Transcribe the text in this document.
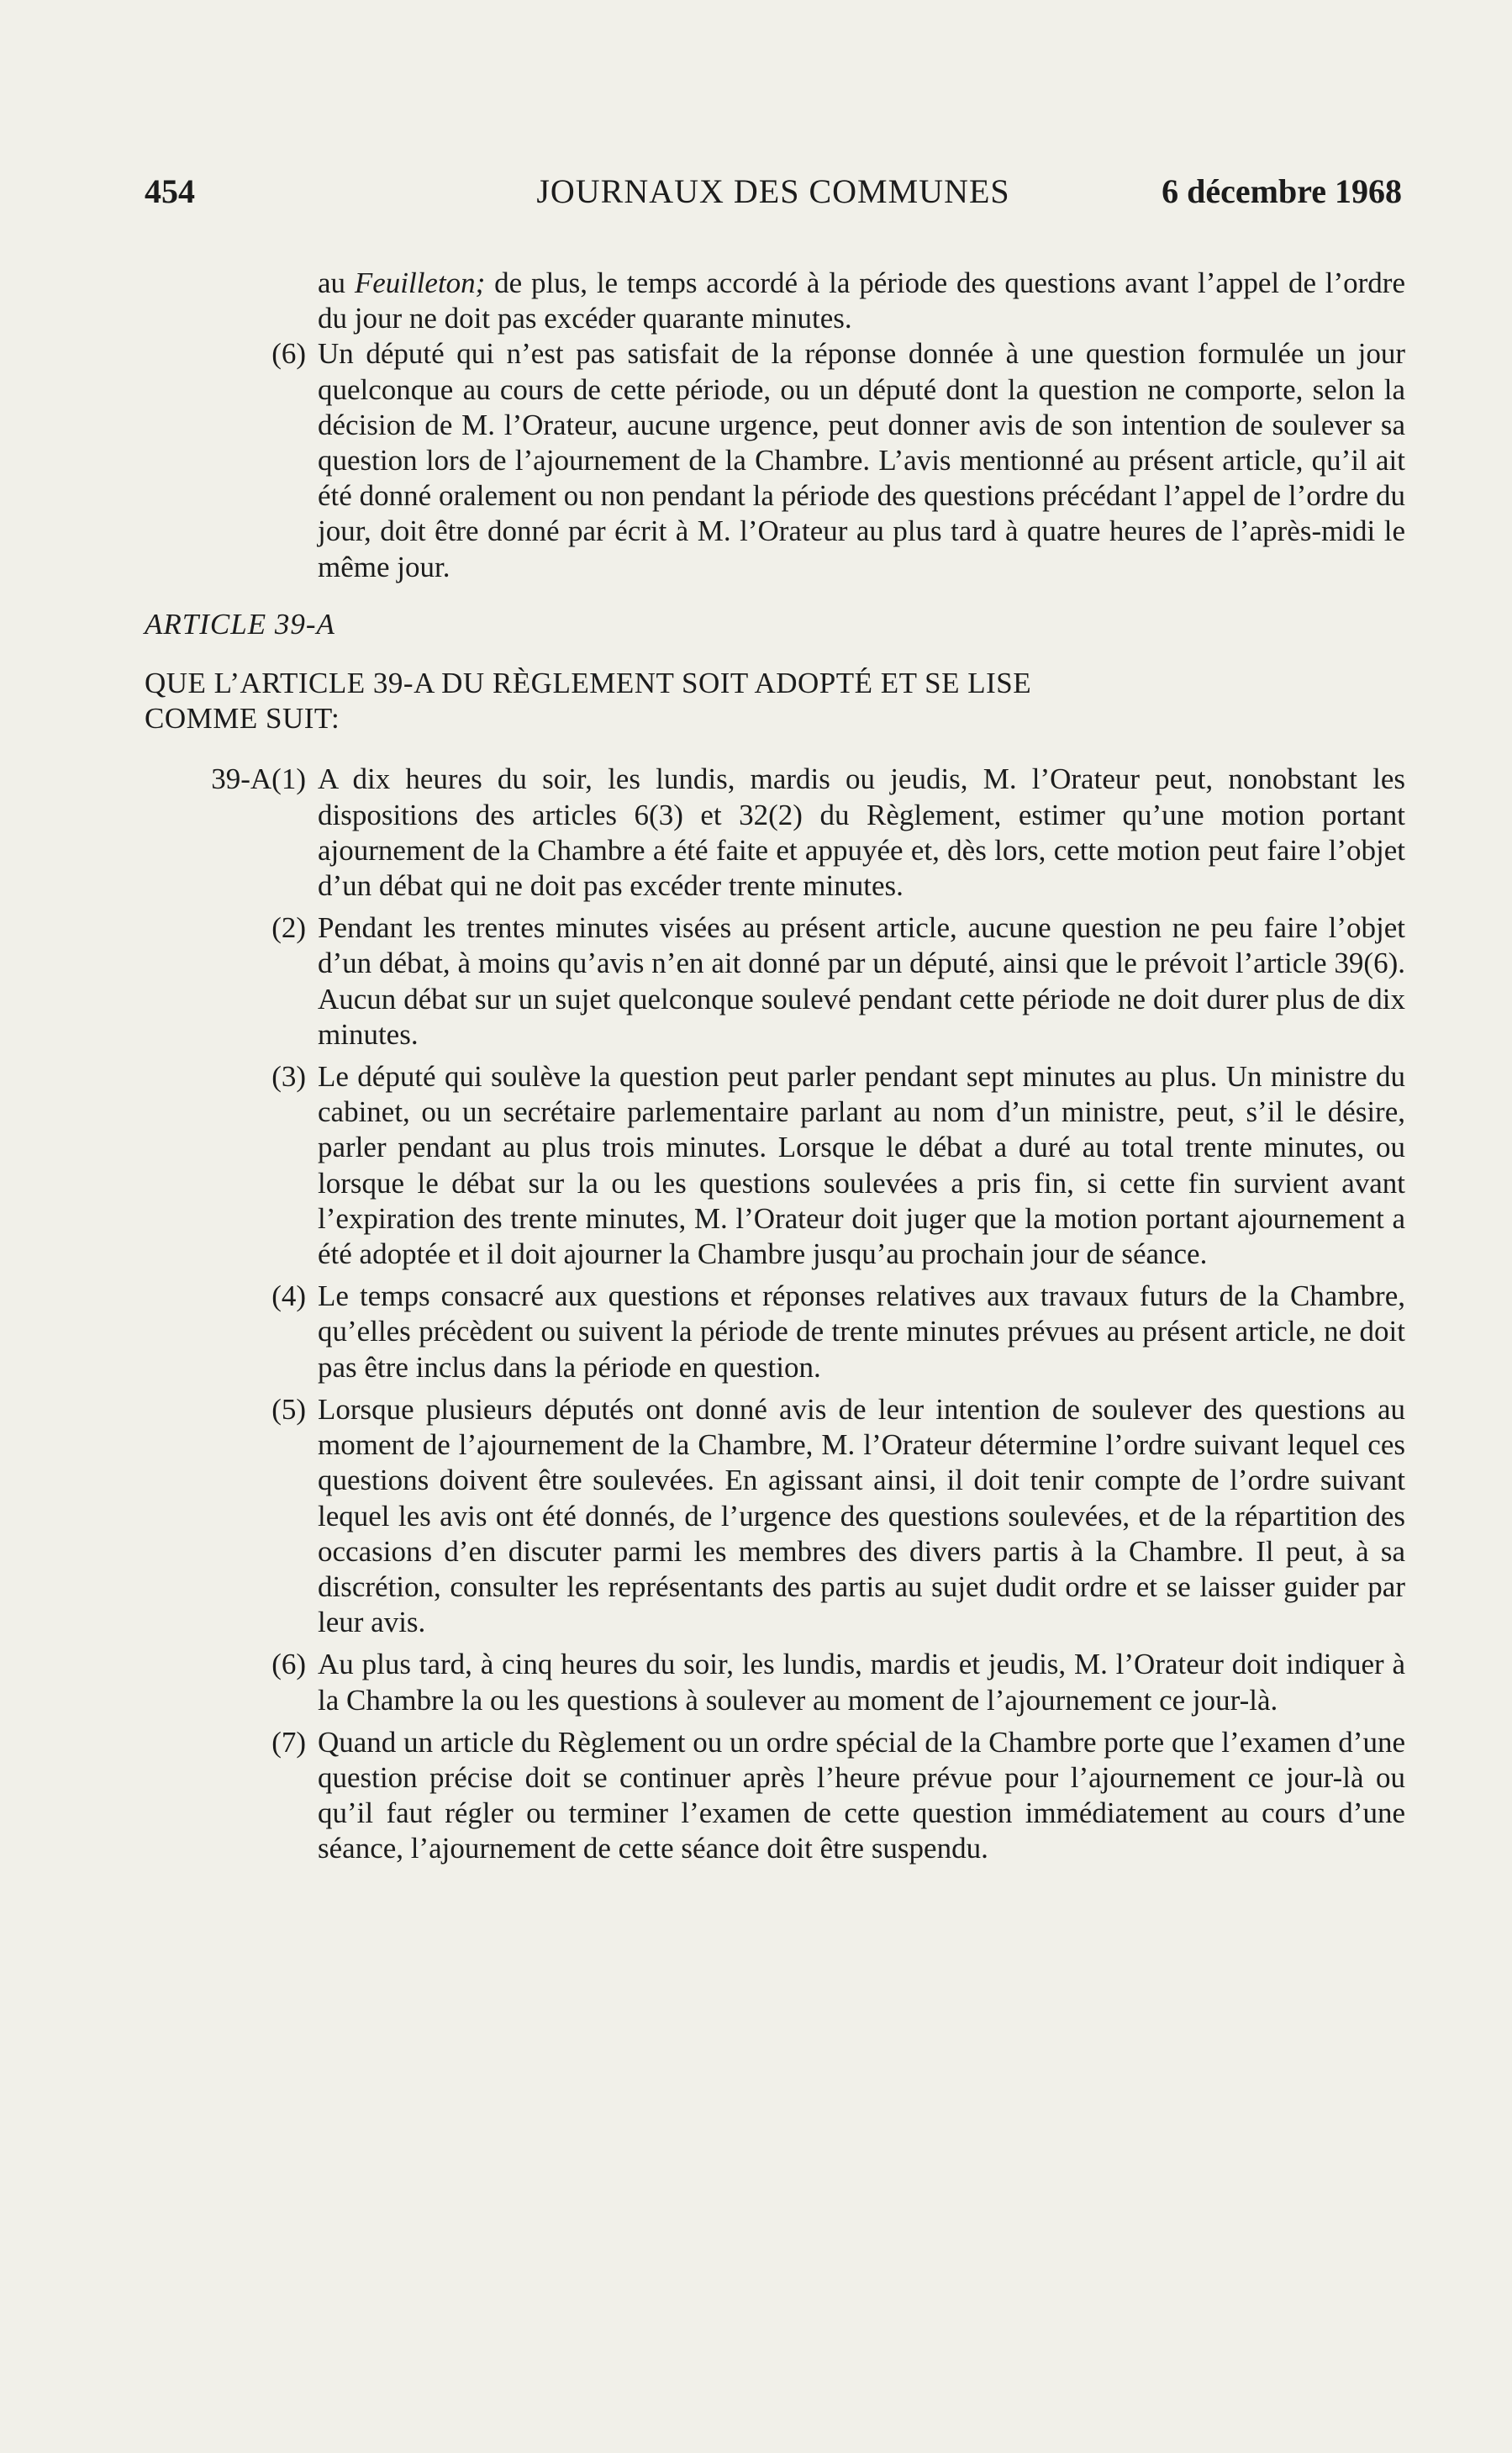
454	JOURNAUX DES COMMUNES	6 décembre 1968

au Feuilleton; de plus, le temps accordé à la période des questions avant l’appel de l’ordre du jour ne doit pas excéder quarante minutes.

(6) Un député qui n’est pas satisfait de la réponse donnée à une question formulée un jour quelconque au cours de cette période, ou un député dont la question ne comporte, selon la décision de M. l’Orateur, aucune urgence, peut donner avis de son intention de soulever sa question lors de l’ajournement de la Chambre. L’avis mentionné au présent article, qu’il ait été donné oralement ou non pendant la période des questions précédant l’appel de l’ordre du jour, doit être donné par écrit à M. l’Orateur au plus tard à quatre heures de l’après-midi le même jour.
ARTICLE 39-A
QUE L’ARTICLE 39-A DU RÈGLEMENT SOIT ADOPTÉ ET SE LISE COMME SUIT:
39-A(1) A dix heures du soir, les lundis, mardis ou jeudis, M. l’Orateur peut, nonobstant les dispositions des articles 6(3) et 32(2) du Règlement, estimer qu’une motion portant ajournement de la Chambre a été faite et appuyée et, dès lors, cette motion peut faire l’objet d’un débat qui ne doit pas excéder trente minutes.
(2) Pendant les trentes minutes visées au présent article, aucune question ne peu faire l’objet d’un débat, à moins qu’avis n’en ait donné par un député, ainsi que le prévoit l’article 39(6). Aucun débat sur un sujet quelconque soulevé pendant cette période ne doit durer plus de dix minutes.
(3) Le député qui soulève la question peut parler pendant sept minutes au plus. Un ministre du cabinet, ou un secrétaire parlementaire parlant au nom d’un ministre, peut, s’il le désire, parler pendant au plus trois minutes. Lorsque le débat a duré au total trente minutes, ou lorsque le débat sur la ou les questions soulevées a pris fin, si cette fin survient avant l’expiration des trente minutes, M. l’Orateur doit juger que la motion portant ajournement a été adoptée et il doit ajourner la Chambre jusqu’au prochain jour de séance.
(4) Le temps consacré aux questions et réponses relatives aux travaux futurs de la Chambre, qu’elles précèdent ou suivent la période de trente minutes prévues au présent article, ne doit pas être inclus dans la période en question.
(5) Lorsque plusieurs députés ont donné avis de leur intention de soulever des questions au moment de l’ajournement de la Chambre, M. l’Orateur détermine l’ordre suivant lequel ces questions doivent être soulevées. En agissant ainsi, il doit tenir compte de l’ordre suivant lequel les avis ont été donnés, de l’urgence des questions soulevées, et de la répartition des occasions d’en discuter parmi les membres des divers partis à la Chambre. Il peut, à sa discrétion, consulter les représentants des partis au sujet dudit ordre et se laisser guider par leur avis.
(6) Au plus tard, à cinq heures du soir, les lundis, mardis et jeudis, M. l’Orateur doit indiquer à la Chambre la ou les questions à soulever au moment de l’ajournement ce jour-là.
(7) Quand un article du Règlement ou un ordre spécial de la Chambre porte que l’examen d’une question précise doit se continuer après l’heure prévue pour l’ajournement ce jour-là ou qu’il faut régler ou terminer l’examen de cette question immédiatement au cours d’une séance, l’ajournement de cette séance doit être suspendu.
